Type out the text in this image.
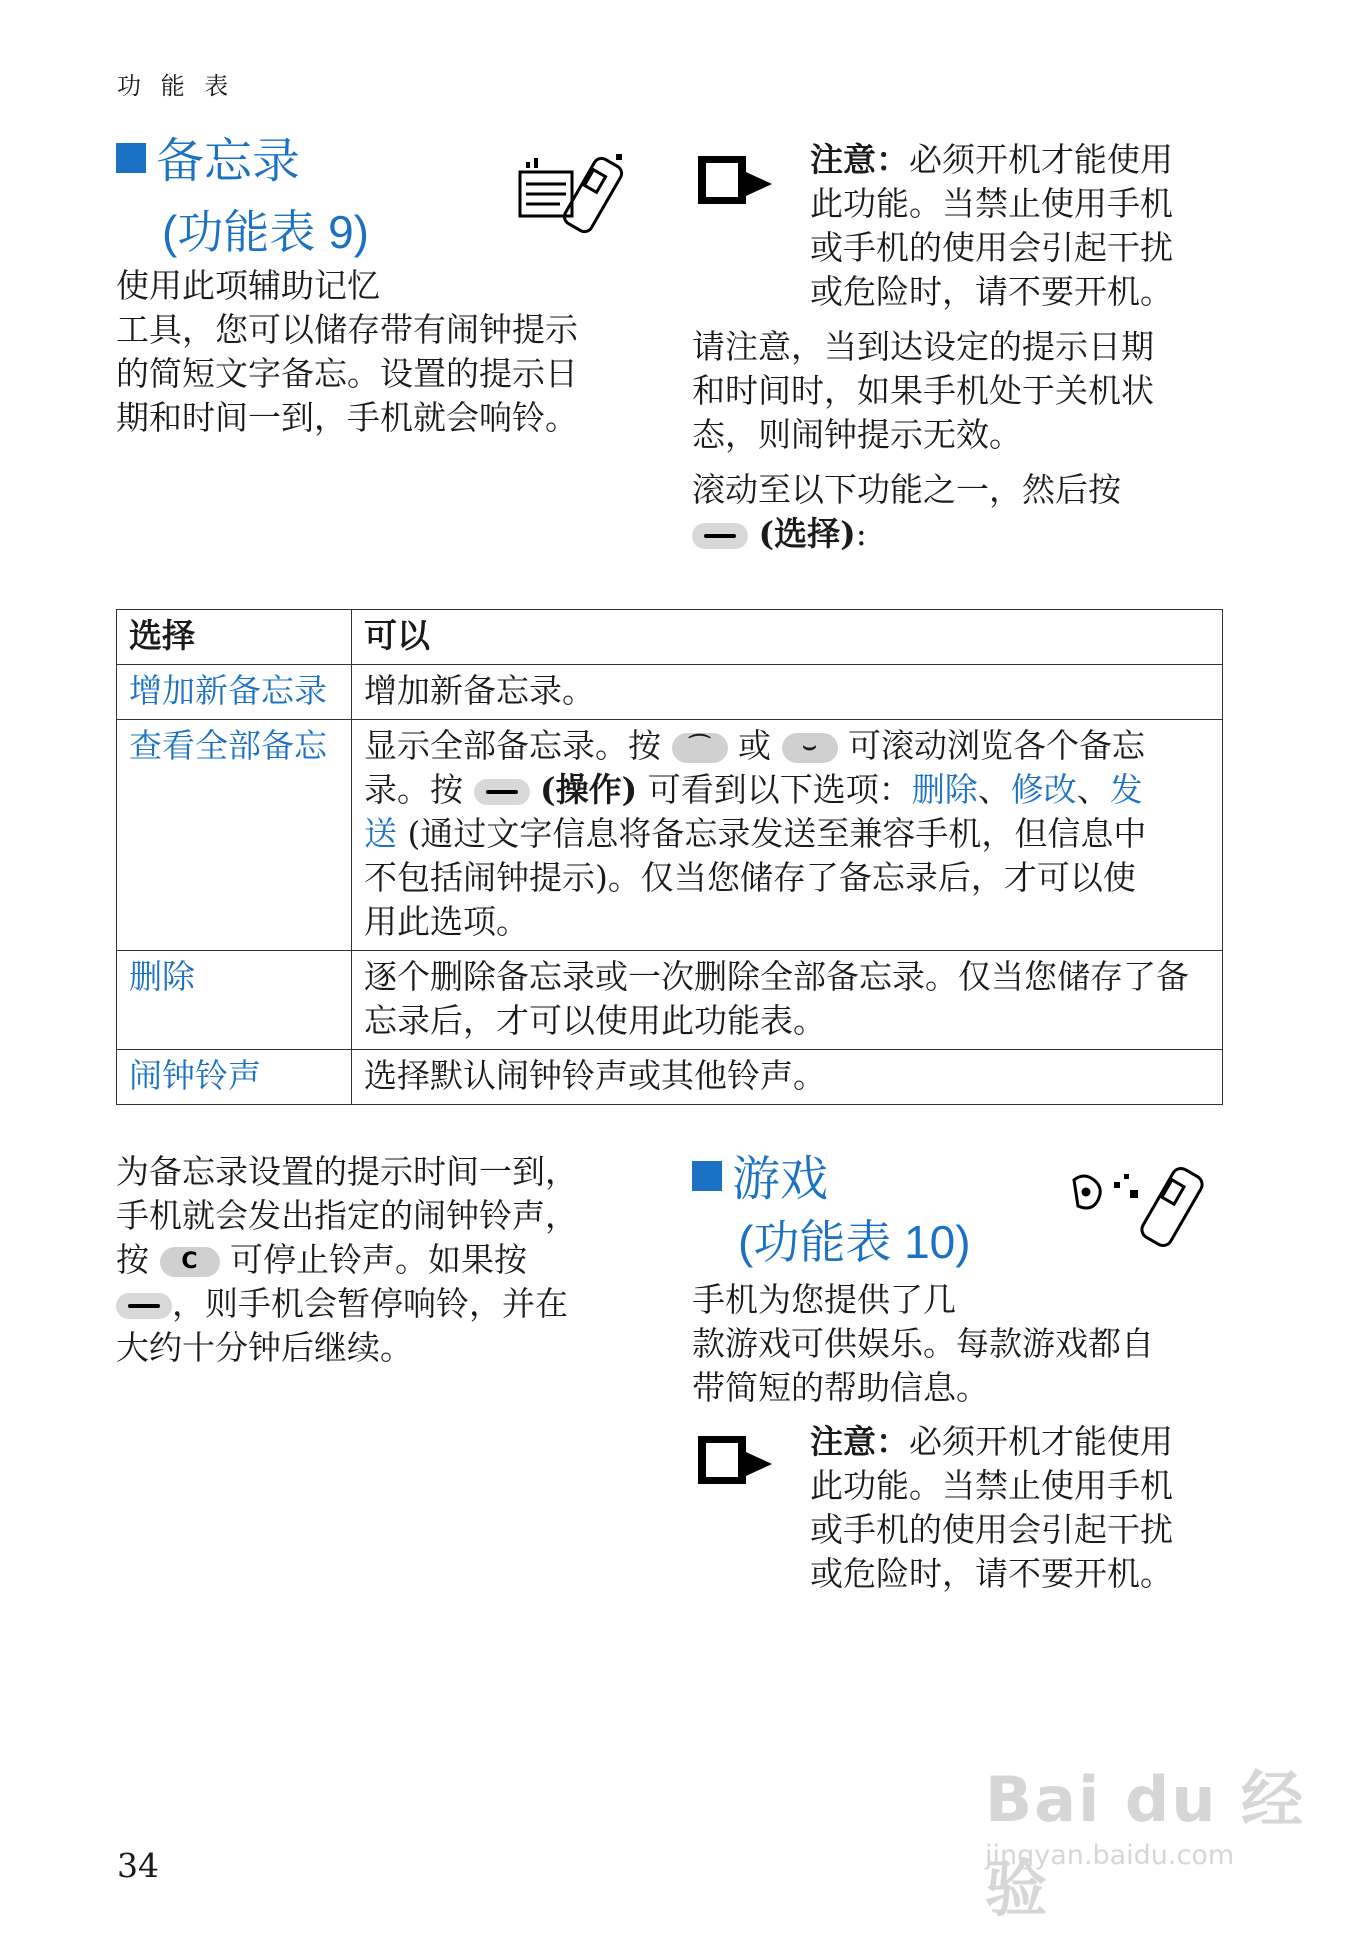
功 能 表
备忘录
(功能表 9)
使用此项辅助记忆
工具，您可以储存带有闹钟提示
的简短文字备忘。设置的提示日
期和时间一到，手机就会响铃。
注意：必须开机才能使用
此功能。当禁止使用手机
或手机的使用会引起干扰
或危险时，请不要开机。
请注意，当到达设定的提示日期
和时间时，如果手机处于关机状
态，则闹钟提示无效。
滚动至以下功能之一，然后按
(选择):
选择	可以
增加新备忘录	增加新备忘录。
查看全部备忘	显示全部备忘录。按 ⌒ 或 ⌣ 可滚动浏览各个备忘
录。按 (操作) 可看到以下选项：删除、修改、发
送 (通过文字信息将备忘录发送至兼容手机，但信息中
不包括闹钟提示)。仅当您储存了备忘录后，才可以使
用此选项。
删除	逐个删除备忘录或一次删除全部备忘录。仅当您储存了备忘录后，才可以使用此功能表。
闹钟铃声	选择默认闹钟铃声或其他铃声。
为备忘录设置的提示时间一到，
手机就会发出指定的闹钟铃声，
按 C 可停止铃声。如果按
，则手机会暂停响铃，并在
大约十分钟后继续。
游戏
(功能表 10)
手机为您提供了几
款游戏可供娱乐。每款游戏都自
带简短的帮助信息。
注意：必须开机才能使用
此功能。当禁止使用手机
或手机的使用会引起干扰
或危险时，请不要开机。
34
Bai du 经验
jingyan.baidu.com
